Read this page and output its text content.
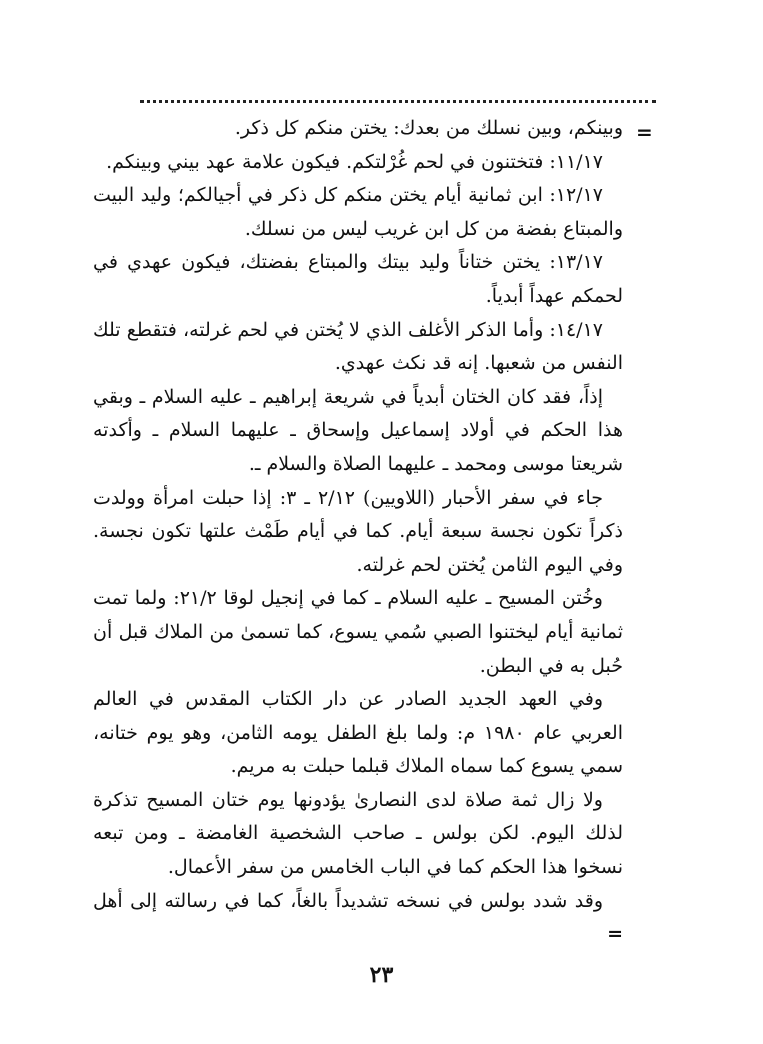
=

وبينكم، وبين نسلك من بعدك: يختن منكم كل ذكر.

١١/١٧: فتختنون في لحم غُرْلتكم. فيكون علامة عهد بيني وبينكم.

١٢/١٧: ابن ثمانية أيام يختن منكم كل ذكر في أجيالكم؛ وليد البيت والمبتاع بفضة من كل ابن غريب ليس من نسلك.

١٣/١٧: يختن ختاناً وليد بيتك والمبتاع بفضتك، فيكون عهدي في لحمكم عهداً أبدياً.

١٤/١٧: وأما الذكر الأغلف الذي لا يُختن في لحم غرلته، فتقطع تلك النفس من شعبها. إنه قد نكث عهدي.

إذاً، فقد كان الختان أبدياً في شريعة إبراهيم ـ عليه السلام ـ وبقي هذا الحكم في أولاد إسماعيل وإسحاق ـ عليهما السلام ـ وأكدته شريعتا موسى ومحمد ـ عليهما الصلاة والسلام ـ.

جاء في سفر الأحبار (اللاويين) ٢/١٢ ـ ٣: إذا حبلت امرأة وولدت ذكراً تكون نجسة سبعة أيام. كما في أيام طَمْث علتها تكون نجسة. وفي اليوم الثامن يُختن لحم غرلته.

وخُتن المسيح ـ عليه السلام ـ كما في إنجيل لوقا ٢١/٢: ولما تمت ثمانية أيام ليختنوا الصبي سُمي يسوع، كما تسمىٰ من الملاك قبل أن حُبل به في البطن.

وفي العهد الجديد الصادر عن دار الكتاب المقدس في العالم العربي عام ١٩٨٠ م: ولما بلغ الطفل يومه الثامن، وهو يوم ختانه، سمي يسوع كما سماه الملاك قبلما حبلت به مريم.

ولا زال ثمة صلاة لدى النصارىٰ يؤدونها يوم ختان المسيح تذكرة لذلك اليوم. لكن بولس ـ صاحب الشخصية الغامضة ـ ومن تبعه نسخوا هذا الحكم كما في الباب الخامس من سفر الأعمال.

وقد شدد بولس في نسخه تشديداً بالغاً، كما في رسالته إلى أهل =

٢٣
